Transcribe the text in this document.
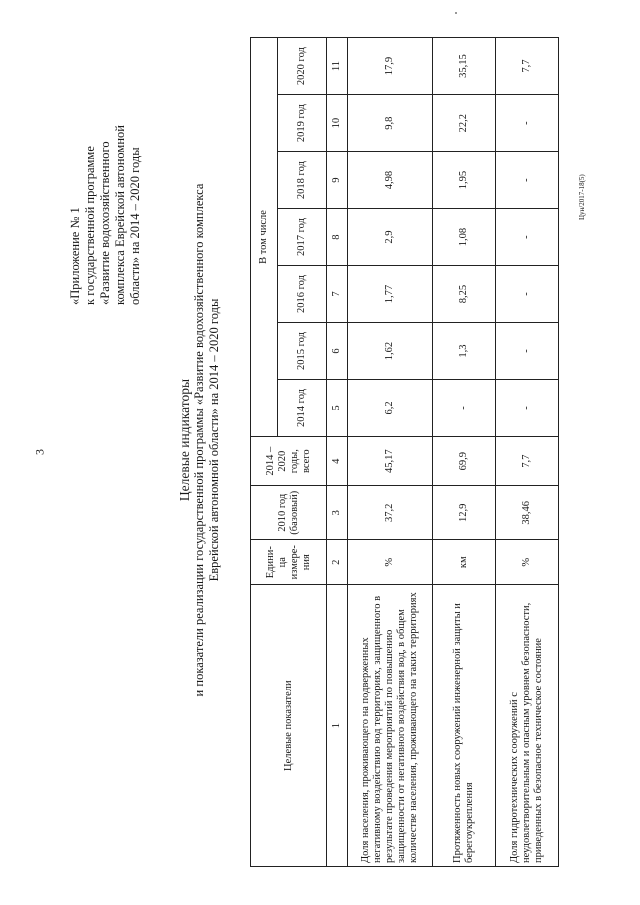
3
Цун/2017-18(5)
«Приложение № 1 к государственной программе «Развитие водохозяйственного комплекса Еврейской автономной области» на 2014 – 2020 годы
Целевые индикаторы и показатели реализации государственной программы «Развитие водохозяйственного комплекса Еврейской автономной области» на 2014 – 2020 годы
Целевые показатели	Едини-ца измере-ния	2010 год (базовый)	2014 – 2020 годы, всего	В том числе						
				2014 год	2015 год	2016 год	2017 год	2018 год	2019 год	2020 год
1	2	3	4	5	6	7	8	9	10	11
Доля населения, проживающего на подверженных негативному воздействию вод территориях, защищенного в результате проведения мероприятий по повышению защищенности от негативного воздействия вод, в общем количестве населения, проживающего на таких территориях	%	37,2	45,17	6,2	1,62	1,77	2,9	4,98	9,8	17,9
Протяженность новых сооружений инженерной защиты и берегоукрепления	км	12,9	69,9	-	1,3	8,25	1,08	1,95	22,2	35,15
Доля гидротехнических сооружений с неудовлетворительным и опасным уровнем безопасности, приведенных в безопасное техническое состояние	%	38,46	7,7	-	-	-	-	-	-	7,7
